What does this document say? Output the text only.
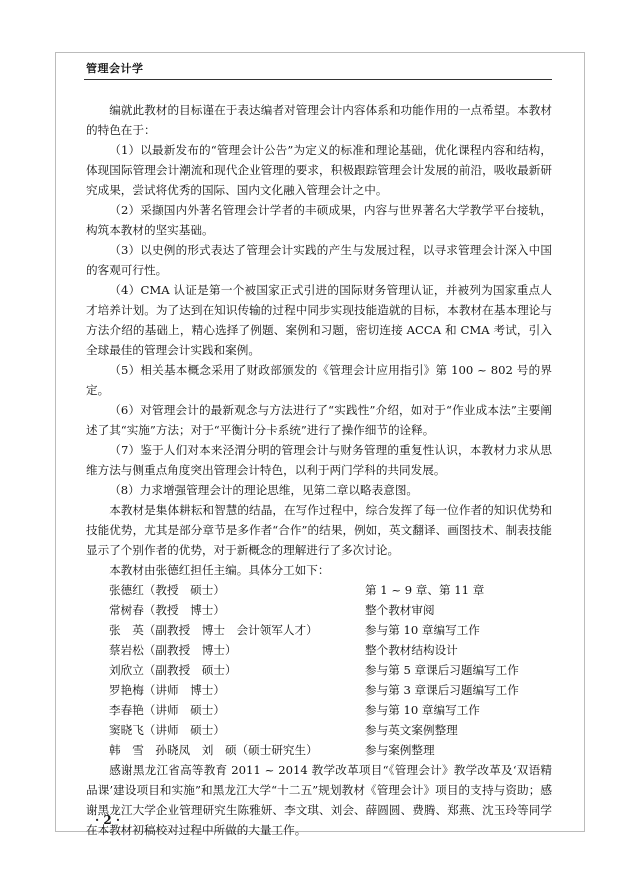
管理会计学

编就此教材的目标谨在于表达编者对管理会计内容体系和功能作用的一点希望。本教材的特色在于：

（1）以最新发布的“管理会计公告”为定义的标准和理论基础，优化课程内容和结构，体现国际管理会计潮流和现代企业管理的要求，积极跟踪管理会计发展的前沿，吸收最新研究成果，尝试将优秀的国际、国内文化融入管理会计之中。

（2）采撷国内外著名管理会计学者的丰硕成果，内容与世界著名大学教学平台接轨，构筑本教材的坚实基础。

（3）以史例的形式表达了管理会计实践的产生与发展过程，以寻求管理会计深入中国的客观可行性。

（4）CMA 认证是第一个被国家正式引进的国际财务管理认证，并被列为国家重点人才培养计划。为了达到在知识传输的过程中同步实现技能造就的目标，本教材在基本理论与方法介绍的基础上，精心选择了例题、案例和习题，密切连接 ACCA 和 CMA 考试，引入全球最佳的管理会计实践和案例。

（5）相关基本概念采用了财政部颁发的《管理会计应用指引》第 100 ~ 802 号的界定。

（6）对管理会计的最新观念与方法进行了“实践性”介绍，如对于“作业成本法”主要阐述了其“实施”方法；对于“平衡计分卡系统”进行了操作细节的诠释。

（7）鉴于人们对本来泾渭分明的管理会计与财务管理的重复性认识，本教材力求从思维方法与侧重点角度突出管理会计特色，以利于两门学科的共同发展。

（8）力求增强管理会计的理论思维，见第二章以略表意图。

本教材是集体耕耘和智慧的结晶，在写作过程中，综合发挥了每一位作者的知识优势和技能优势，尤其是部分章节是多作者“合作”的结果，例如，英文翻译、画图技术、制表技能显示了个别作者的优势，对于新概念的理解进行了多次讨论。

本教材由张德红担任主编。具体分工如下：

张德红（教授　硕士）	第 1 ~ 9 章、第 11 章
常树春（教授　博士）	整个教材审阅
张　英（副教授　博士　会计领军人才）	参与第 10 章编写工作
蔡岩松（副教授　博士）	整个教材结构设计
刘欣立（副教授　硕士）	参与第 5 章课后习题编写工作
罗艳梅（讲师　博士）	参与第 3 章课后习题编写工作
李春艳（讲师　硕士）	参与第 10 章编写工作
窦晓飞（讲师　硕士）	参与英文案例整理
韩　雪　孙晓凤　刘　硕（硕士研究生）	参与案例整理

感谢黑龙江省高等教育 2011 ~ 2014 教学改革项目“《管理会计》教学改革及‘双语精品课’建设项目和实施”和黑龙江大学“十二五”规划教材《管理会计》项目的支持与资助；感谢黑龙江大学企业管理研究生陈雅妍、李文琪、刘会、薛圆圆、费腾、郑燕、沈玉玲等同学在本教材初稿校对过程中所做的大量工作。

· 2 ·
